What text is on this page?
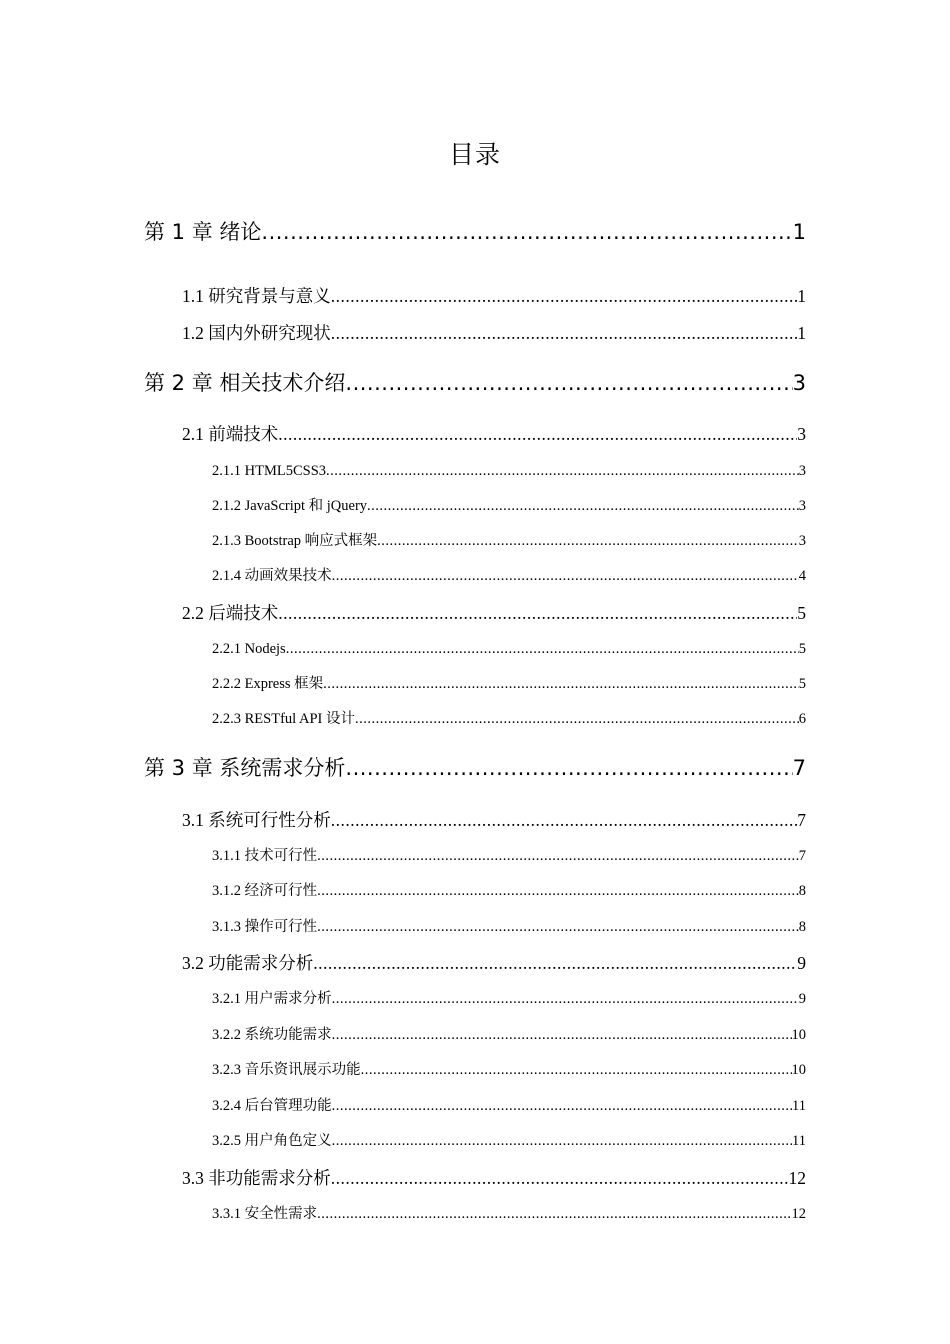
目录
第 1 章 绪论 .....	1
1.1 研究背景与意义 .....	1
1.2 国内外研究现状 .....	1
第 2 章 相关技术介绍 .....	3
2.1 前端技术 .....	3
2.1.1 HTML5CSS3 .....	3
2.1.2 JavaScript 和 jQuery .....	3
2.1.3 Bootstrap 响应式框架 .....	3
2.1.4 动画效果技术 .....	4
2.2 后端技术 .....	5
2.2.1 Nodejs .....	5
2.2.2 Express 框架 .....	5
2.2.3 RESTful API 设计 .....	6
第 3 章 系统需求分析 .....	7
3.1 系统可行性分析 .....	7
3.1.1 技术可行性 .....	7
3.1.2 经济可行性 .....	8
3.1.3 操作可行性 .....	8
3.2 功能需求分析 .....	9
3.2.1 用户需求分析 .....	9
3.2.2 系统功能需求 .....	10
3.2.3 音乐资讯展示功能 .....	10
3.2.4 后台管理功能 .....	11
3.2.5 用户角色定义 .....	11
3.3 非功能需求分析 .....	12
3.3.1 安全性需求 .....	12
